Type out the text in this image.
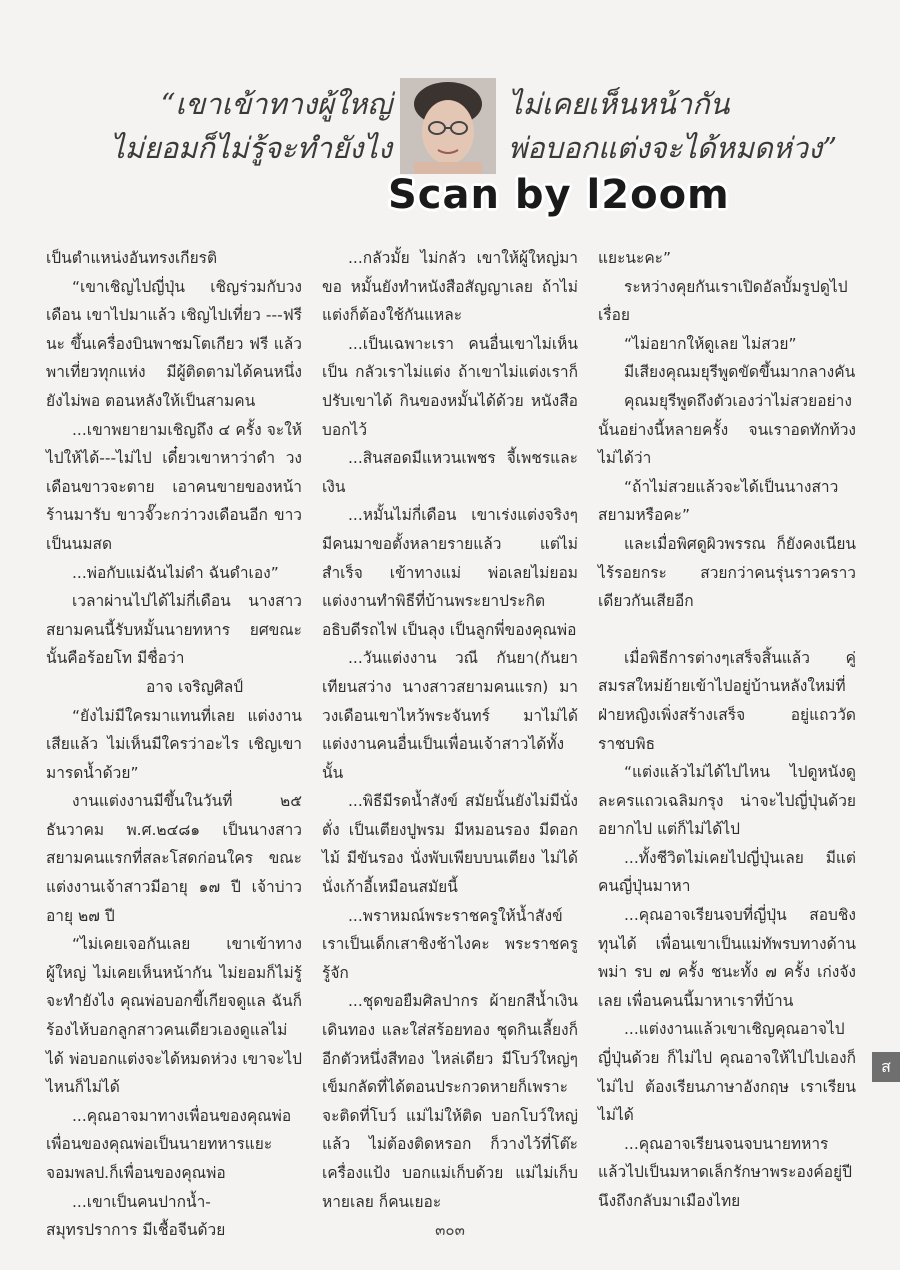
“เขาเข้าทางผู้ใหญ่
ไม่ยอมก็ไม่รู้จะทำยังไง
ไม่เคยเห็นหน้ากัน
พ่อบอกแต่งจะได้หมดห่วง”
Scan by l2oom

เป็นตำแหน่งอันทรงเกียรติ

“เขาเชิญไปญี่ปุ่น เชิญร่วมกับวงเดือน เขาไปมาแล้ว เชิญไปเที่ยว ---ฟรีนะ ขึ้นเครื่องบินพาชมโตเกียว ฟรี แล้วพาเที่ยวทุกแห่ง มีผู้ติดตามได้คนหนึ่ง ยังไม่พอ ตอนหลังให้เป็นสามคน

...เขาพยายามเชิญถึง ๔ ครั้ง จะให้ไปให้ได้---ไม่ไป เดี๋ยวเขาหาว่าดำ วงเดือนขาวจะตาย เอาคนขายของหน้าร้านมารับ ขาวจั๊วะกว่าวงเดือนอีก ขาวเป็นนมสด

...พ่อกับแม่ฉันไม่ดำ ฉันดำเอง”

เวลาผ่านไปได้ไม่กี่เดือน นางสาวสยามคนนี้รับหมั้นนายทหาร ยศขณะนั้นคือร้อยโท มีชื่อว่า

อาจ เจริญศิลป์

“ยังไม่มีใครมาแทนที่เลย แต่งงานเสียแล้ว ไม่เห็นมีใครว่าอะไร เชิญเขามารดน้ำด้วย”

งานแต่งงานมีขึ้นในวันที่ ๒๕ ธันวาคม พ.ศ.๒๔๘๑ เป็นนางสาวสยามคนแรกที่สละโสดก่อนใคร ขณะแต่งงานเจ้าสาวมีอายุ ๑๗ ปี เจ้าบ่าวอายุ ๒๗ ปี

“ไม่เคยเจอกันเลย เขาเข้าทางผู้ใหญ่ ไม่เคยเห็นหน้ากัน ไม่ยอมก็ไม่รู้จะทำยังไง คุณพ่อบอกขี้เกียจดูแล ฉันก็ร้องไห้บอกลูกสาวคนเดียวเองดูแลไม่ได้ พ่อบอกแต่งจะได้หมดห่วง เขาจะไปไหนก็ไม่ได้

...คุณอาจมาทางเพื่อนของคุณพ่อ เพื่อนของคุณพ่อเป็นนายทหารแยะ จอมพลป.ก็เพื่อนของคุณพ่อ

...เขาเป็นคนปากน้ำ-สมุทรปราการ มีเชื้อจีนด้วย

...กลัวมั้ย ไม่กลัว เขาให้ผู้ใหญ่มาขอ หมั้นยังทำหนังสือสัญญาเลย ถ้าไม่แต่งก็ต้องใช้กันแหละ

...เป็นเฉพาะเรา คนอื่นเขาไม่เห็นเป็น กลัวเราไม่แต่ง ถ้าเขาไม่แต่งเราก็ปรับเขาได้ กินของหมั้นได้ด้วย หนังสือบอกไว้

...สินสอดมีแหวนเพชร จี้เพชรและเงิน

...หมั้นไม่กี่เดือน เขาเร่งแต่งจริงๆมีคนมาขอตั้งหลายรายแล้ว แต่ไม่สำเร็จ เข้าทางแม่ พ่อเลยไม่ยอม แต่งงานทำพิธีที่บ้านพระยาประกิตอธิบดีรถไฟ เป็นลุง เป็นลูกพี่ของคุณพ่อ

...วันแต่งงาน วณี กันยา(กันยา เทียนสว่าง นางสาวสยามคนแรก) มา วงเดือนเขาไหว้พระจันทร์ มาไม่ได้ แต่งงานคนอื่นเป็นเพื่อนเจ้าสาวได้ทั้งนั้น

...พิธีมีรดน้ำสังข์ สมัยนั้นยังไม่มีนั่งตั่ง เป็นเตียงปูพรม มีหมอนรอง มีดอกไม้ มีขันรอง นั่งพับเพียบบนเตียง ไม่ได้นั่งเก้าอี้เหมือนสมัยนี้

...พราหมณ์พระราชครูให้น้ำสังข์ เราเป็นเด็กเสาชิงช้าไงคะ พระราชครูรู้จัก

...ชุดขอยืมศิลปากร ผ้ายกสีน้ำเงินเดินทอง และใส่สร้อยทอง ชุดกินเลี้ยงก็อีกตัวหนึ่งสีทอง ไหล่เดียว มีโบว์ใหญ่ๆ เข็มกลัดที่ได้ตอนประกวดหายก็เพราะจะติดที่โบว์ แม่ไม่ให้ติด บอกโบว์ใหญ่แล้ว ไม่ต้องติดหรอก ก็วางไว้ที่โต๊ะเครื่องแป้ง บอกแม่เก็บด้วย แม่ไม่เก็บ หายเลย ก็คนเยอะ

แยะนะคะ”

ระหว่างคุยกันเราเปิดอัลบั้มรูปดูไปเรื่อย

“ไม่อยากให้ดูเลย ไม่สวย”

มีเสียงคุณมยุรีพูดขัดขึ้นมากลางคัน

คุณมยุรีพูดถึงตัวเองว่าไม่สวยอย่างนั้นอย่างนี้หลายครั้ง จนเราอดทักท้วงไม่ได้ว่า

“ถ้าไม่สวยแล้วจะได้เป็นนางสาวสยามหรือคะ”

และเมื่อพิศดูผิวพรรณ ก็ยังคงเนียนไร้รอยกระ สวยกว่าคนรุ่นราวคราวเดียวกันเสียอีก

เมื่อพิธีการต่างๆเสร็จสิ้นแล้ว คู่สมรสใหม่ย้ายเข้าไปอยู่บ้านหลังใหม่ที่ฝ่ายหญิงเพิ่งสร้างเสร็จ อยู่แถววัดราชบพิธ

“แต่งแล้วไม่ได้ไปไหน ไปดูหนังดูละครแถวเฉลิมกรุง น่าจะไปญี่ปุ่นด้วย อยากไป แต่ก็ไม่ได้ไป

...ทั้งชีวิตไม่เคยไปญี่ปุ่นเลย มีแต่คนญี่ปุ่นมาหา

...คุณอาจเรียนจบที่ญี่ปุ่น สอบชิงทุนได้ เพื่อนเขาเป็นแม่ทัพรบทางด้านพม่า รบ ๗ ครั้ง ชนะทั้ง ๗ ครั้ง เก่งจังเลย เพื่อนคนนี้มาหาเราที่บ้าน

...แต่งงานแล้วเขาเชิญคุณอาจไปญี่ปุ่นด้วย ก็ไม่ไป คุณอาจให้ไปไปเองก็ไม่ไป ต้องเรียนภาษาอังกฤษ เราเรียนไม่ได้

...คุณอาจเรียนจนจบนายทหาร แล้วไปเป็นมหาดเล็กรักษาพระองค์อยู่ปีนึงถึงกลับมาเมืองไทย

ส
๓๐๓
